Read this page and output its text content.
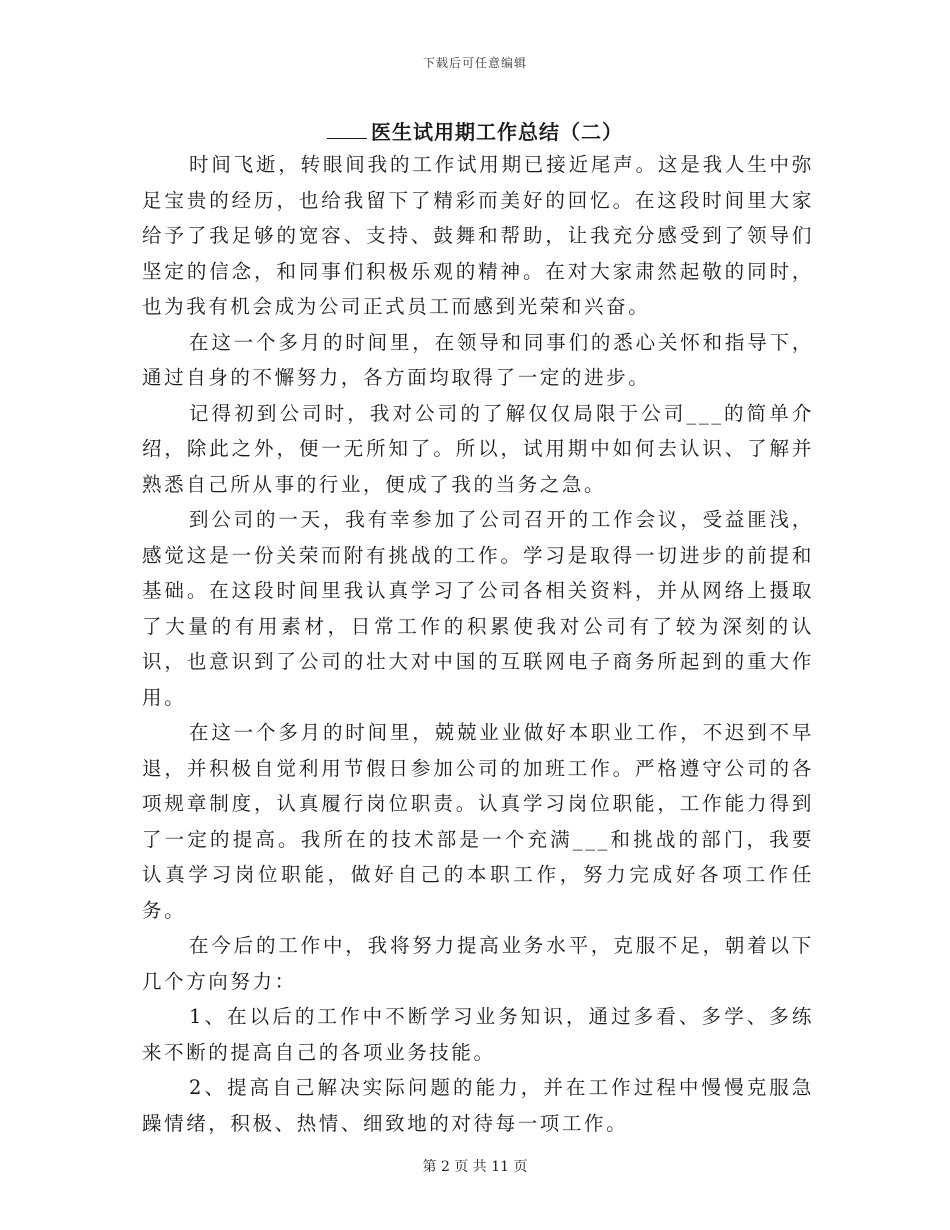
下载后可任意编辑
医生试用期工作总结（二）

时间飞逝，转眼间我的工作试用期已接近尾声。这是我人生中弥足宝贵的经历，也给我留下了精彩而美好的回忆。在这段时间里大家给予了我足够的宽容、支持、鼓舞和帮助，让我充分感受到了领导们坚定的信念，和同事们积极乐观的精神。在对大家肃然起敬的同时，也为我有机会成为公司正式员工而感到光荣和兴奋。

在这一个多月的时间里，在领导和同事们的悉心关怀和指导下，通过自身的不懈努力，各方面均取得了一定的进步。

记得初到公司时，我对公司的了解仅仅局限于公司___的简单介绍，除此之外，便一无所知了。所以，试用期中如何去认识、了解并熟悉自己所从事的行业，便成了我的当务之急。

到公司的一天，我有幸参加了公司召开的工作会议，受益匪浅，感觉这是一份关荣而附有挑战的工作。学习是取得一切进步的前提和基础。在这段时间里我认真学习了公司各相关资料，并从网络上摄取了大量的有用素材，日常工作的积累使我对公司有了较为深刻的认识，也意识到了公司的壮大对中国的互联网电子商务所起到的重大作用。

在这一个多月的时间里，兢兢业业做好本职业工作，不迟到不早退，并积极自觉利用节假日参加公司的加班工作。严格遵守公司的各项规章制度，认真履行岗位职责。认真学习岗位职能，工作能力得到了一定的提高。我所在的技术部是一个充满___和挑战的部门，我要认真学习岗位职能，做好自己的本职工作，努力完成好各项工作任务。

在今后的工作中，我将努力提高业务水平，克服不足，朝着以下几个方向努力：

1、在以后的工作中不断学习业务知识，通过多看、多学、多练来不断的提高自己的各项业务技能。

2、提高自己解决实际问题的能力，并在工作过程中慢慢克服急躁情绪，积极、热情、细致地的对待每一项工作。

第 2 页 共 11 页
